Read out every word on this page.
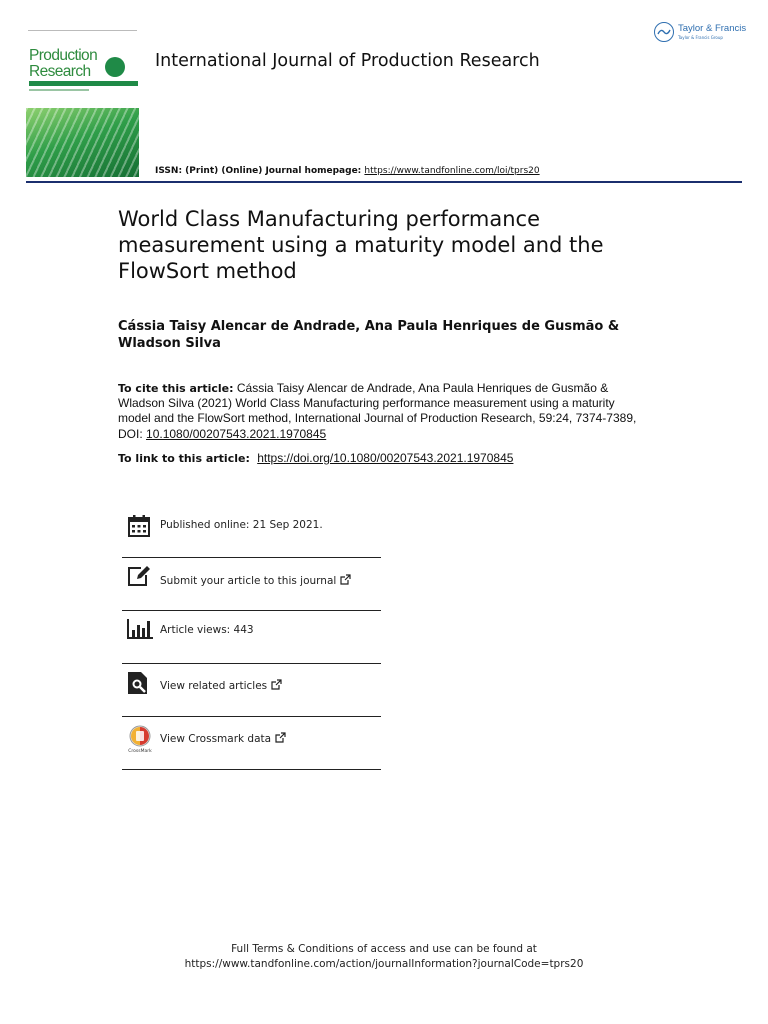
Production
Research
International Journal of Production Research
Taylor & Francis
Taylor & Francis Group
ISSN: (Print) (Online) Journal homepage: https://www.tandfonline.com/loi/tprs20
World Class Manufacturing performance measurement using a maturity model and the FlowSort method
Cássia Taisy Alencar de Andrade, Ana Paula Henriques de Gusmão & Wladson Silva
To cite this article: Cássia Taisy Alencar de Andrade, Ana Paula Henriques de Gusmão & Wladson Silva (2021) World Class Manufacturing performance measurement using a maturity model and the FlowSort method, International Journal of Production Research, 59:24, 7374-7389, DOI: 10.1080/00207543.2021.1970845
To link to this article: https://doi.org/10.1080/00207543.2021.1970845
Published online: 21 Sep 2021.
Submit your article to this journal
Article views: 443
View related articles
CrossMark
View Crossmark data
Full Terms & Conditions of access and use can be found at
https://www.tandfonline.com/action/journalInformation?journalCode=tprs20
